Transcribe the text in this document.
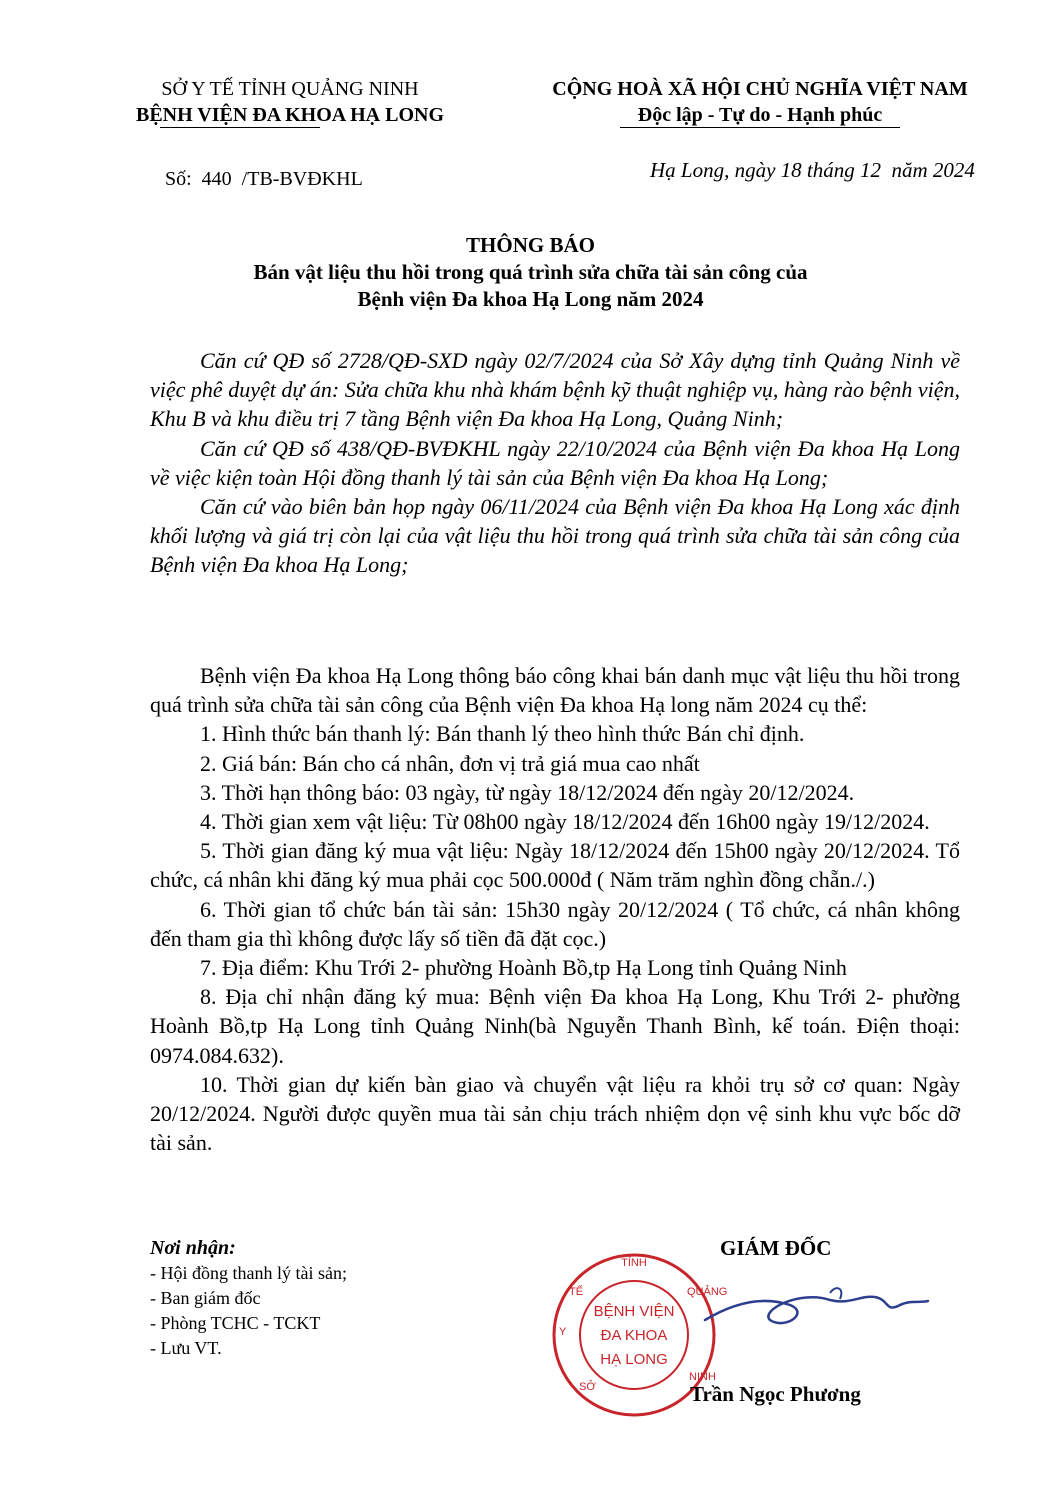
SỞ Y TẾ TỈNH QUẢNG NINH
BỆNH VIỆN ĐA KHOA HẠ LONG
CỘNG HOÀ XÃ HỘI CHỦ NGHĨA VIỆT NAM
Độc lập - Tự do - Hạnh phúc
Số:  440  /TB-BVĐKHL	Hạ Long, ngày 18 tháng 12  năm 2024
THÔNG BÁO
Bán vật liệu thu hồi trong quá trình sửa chữa tài sản công của
Bệnh viện Đa khoa Hạ Long năm 2024

Căn cứ QĐ số 2728/QĐ-SXD ngày 02/7/2024 của Sở Xây dựng tỉnh Quảng Ninh về việc phê duyệt dự án: Sửa chữa khu nhà khám bệnh kỹ thuật nghiệp vụ, hàng rào bệnh viện, Khu B và khu điều trị 7 tầng Bệnh viện Đa khoa Hạ Long, Quảng Ninh;

Căn cứ QĐ số 438/QĐ-BVĐKHL ngày 22/10/2024 của Bệnh viện Đa khoa Hạ Long về việc kiện toàn Hội đồng thanh lý tài sản của Bệnh viện Đa khoa Hạ Long;

Căn cứ vào biên bản họp ngày 06/11/2024 của Bệnh viện Đa khoa Hạ Long xác định khối lượng và giá trị còn lại của vật liệu thu hồi trong quá trình sửa chữa tài sản công của Bệnh viện Đa khoa Hạ Long;

Bệnh viện Đa khoa Hạ Long thông báo công khai bán danh mục vật liệu thu hồi trong quá trình sửa chữa tài sản công của Bệnh viện Đa khoa Hạ long năm 2024 cụ thể:

1. Hình thức bán thanh lý: Bán thanh lý theo hình thức Bán chỉ định.

2. Giá bán: Bán cho cá nhân, đơn vị trả giá mua cao nhất

3. Thời hạn thông báo: 03 ngày, từ ngày 18/12/2024 đến ngày 20/12/2024.

4. Thời gian xem vật liệu: Từ 08h00 ngày 18/12/2024 đến 16h00 ngày 19/12/2024.

5. Thời gian đăng ký mua vật liệu: Ngày 18/12/2024 đến 15h00 ngày 20/12/2024. Tổ chức, cá nhân khi đăng ký mua phải cọc 500.000đ ( Năm trăm nghìn đồng chẵn./.)

6. Thời gian tổ chức bán tài sản: 15h30 ngày 20/12/2024 ( Tổ chức, cá nhân không đến tham gia thì không được lấy số tiền đã đặt cọc.)

7. Địa điểm: Khu Trới 2- phường Hoành Bồ,tp Hạ Long tỉnh Quảng Ninh

8. Địa chỉ nhận đăng ký mua: Bệnh viện Đa khoa Hạ Long, Khu Trới 2- phường Hoành Bồ,tp Hạ Long tỉnh Quảng Ninh(bà Nguyễn Thanh Bình, kế toán. Điện thoại: 0974.084.632).

10. Thời gian dự kiến bàn giao và chuyển vật liệu ra khỏi trụ sở cơ quan: Ngày 20/12/2024. Người được quyền mua tài sản chịu trách nhiệm dọn vệ sinh khu vực bốc dỡ tài sản.

Nơi nhận:
- Hội đồng thanh lý tài sản;
- Ban giám đốc
- Phòng TCHC - TCKT
- Lưu VT.
GIÁM ĐỐC
TỈNH
TẾ
Y
QUẢNG
NINH
SỞ
BỆNH VIỆN
ĐA KHOA
HẠ LONG
Trần Ngọc Phương
